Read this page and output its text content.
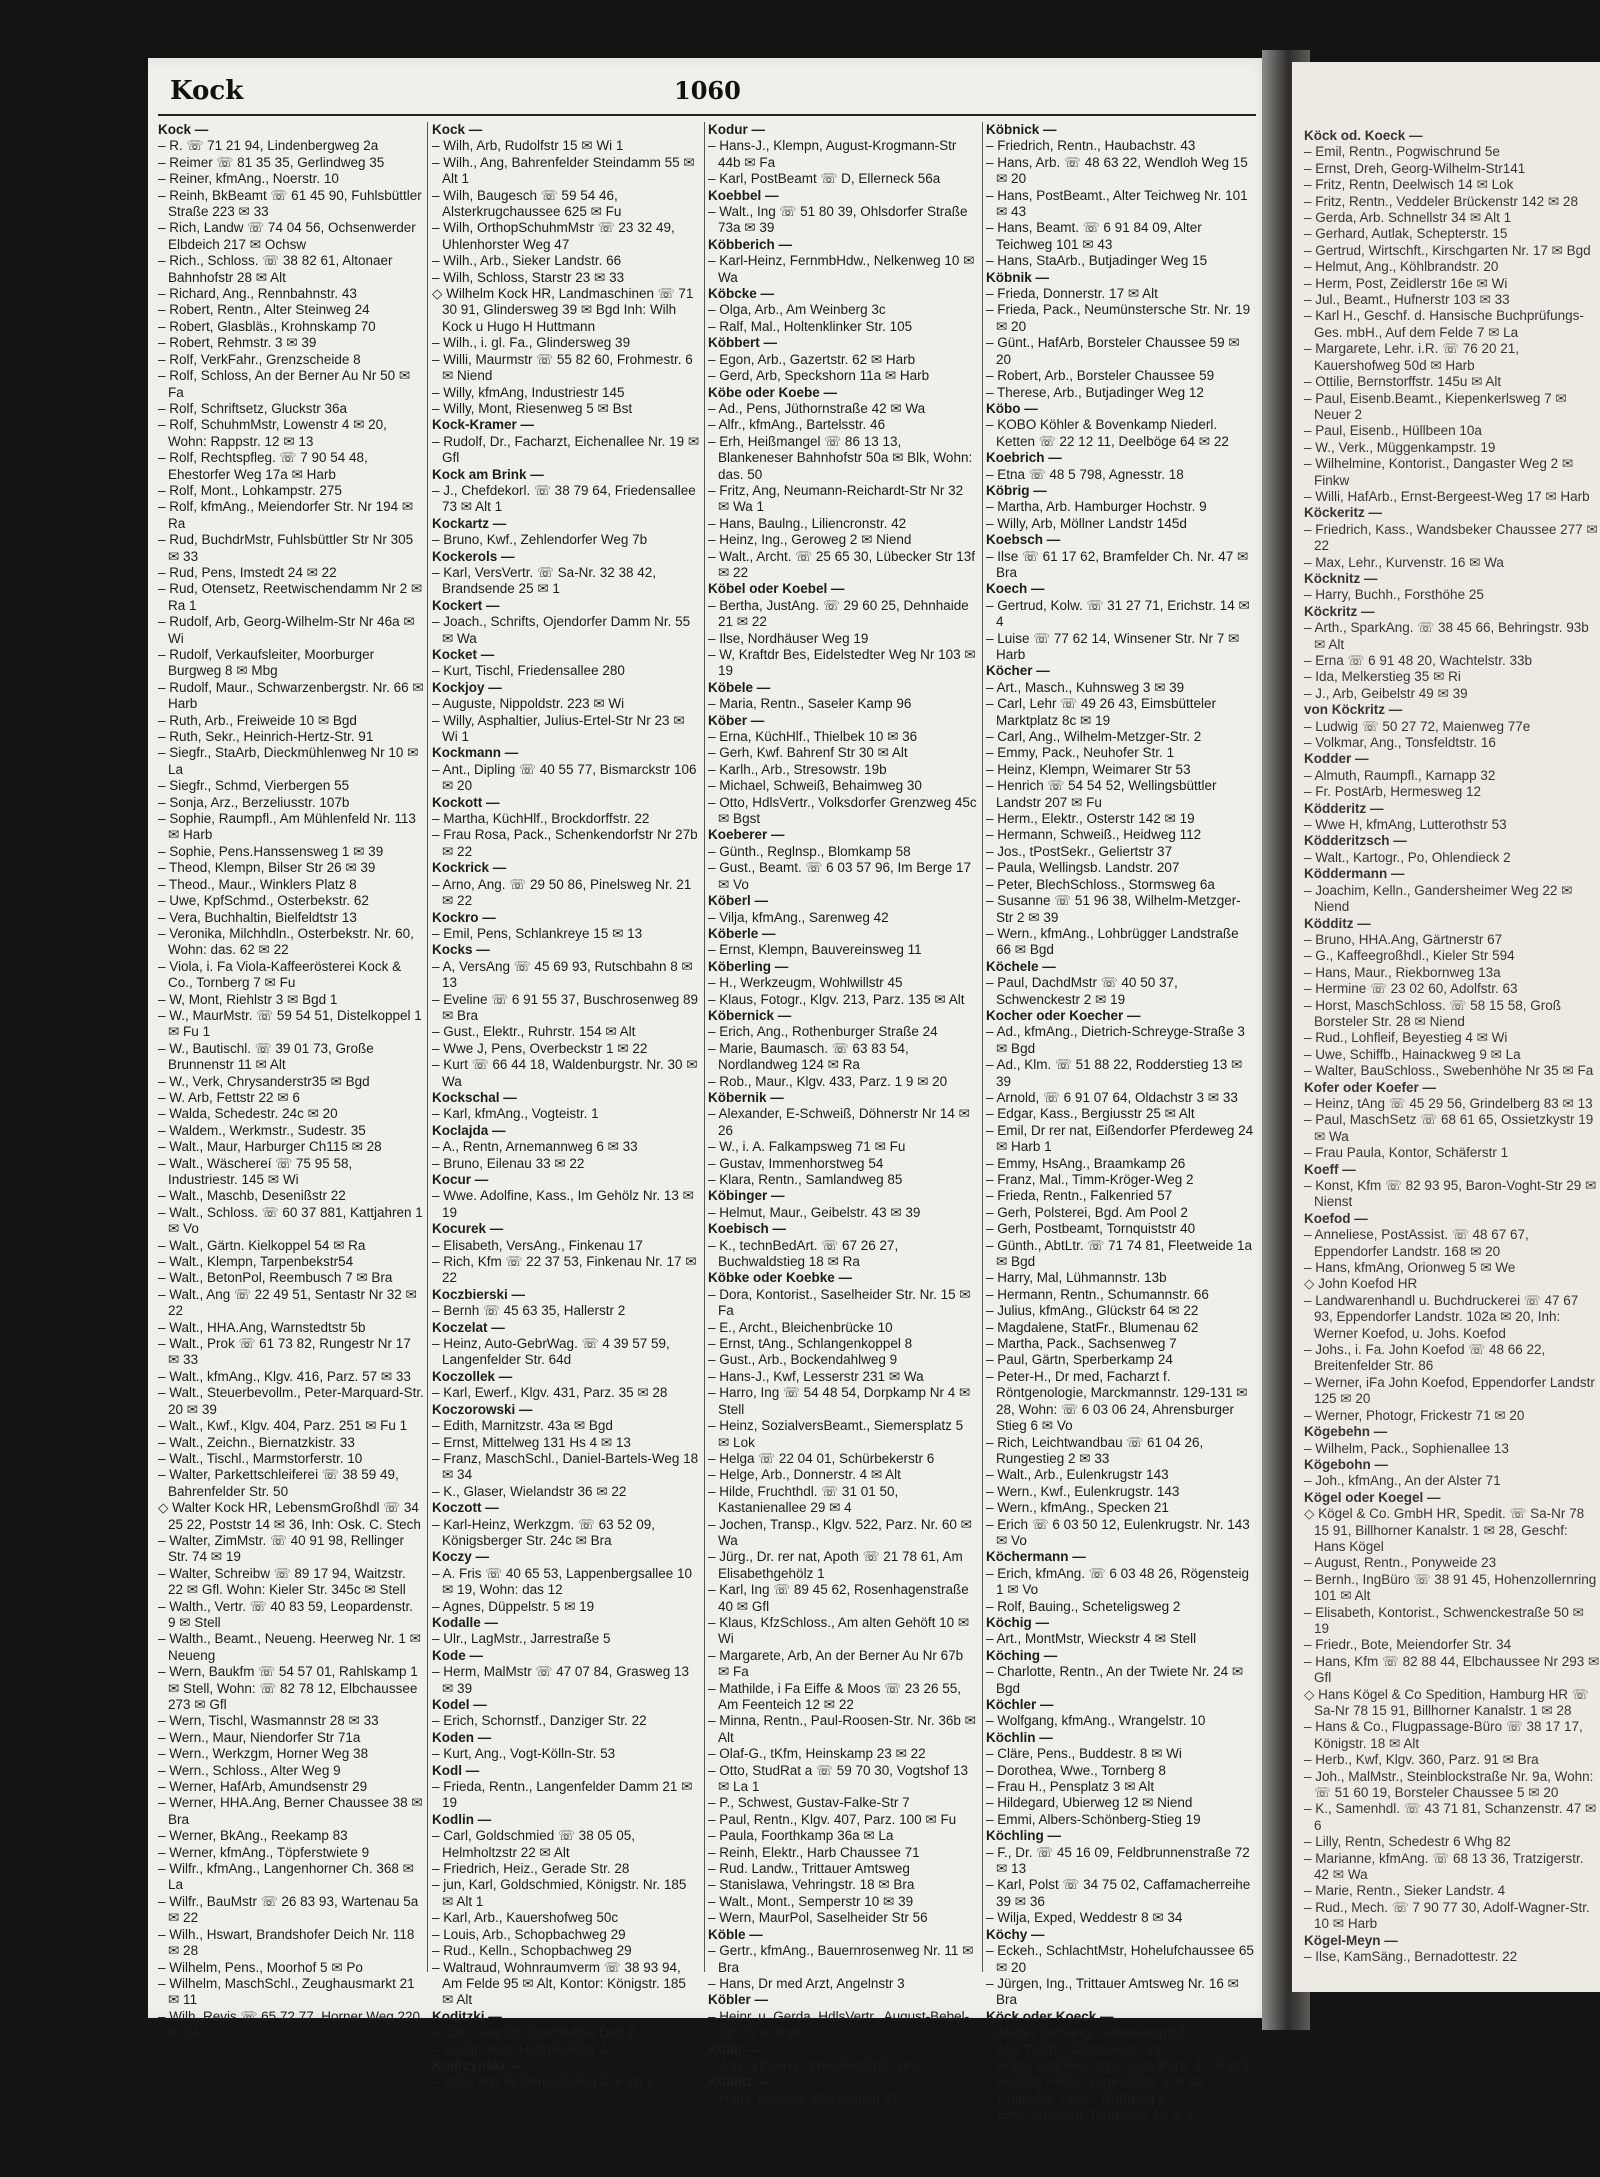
Kock	1060

Kock —

– R. ☏ 71 21 94, Lindenbergweg 2a

– Reimer ☏ 81 35 35, Gerlindweg 35

– Reiner, kfmAng., Noerstr. 10

– Reinh, BkBeamt ☏ 61 45 90, Fuhlsbüttler Straße 223 ✉ 33

– Rich, Landw ☏ 74 04 56, Ochsenwerder Elbdeich 217 ✉ Ochsw

– Rich., Schloss. ☏ 38 82 61, Altonaer Bahnhofstr 28 ✉ Alt

– Richard, Ang., Rennbahnstr. 43

– Robert, Rentn., Alter Steinweg 24

– Robert, Glasbläs., Krohnskamp 70

– Robert, Rehmstr. 3 ✉ 39

– Rolf, VerkFahr., Grenzscheide 8

– Rolf, Schloss, An der Berner Au Nr 50 ✉ Fa

– Rolf, Schriftsetz, Gluckstr 36a

– Rolf, SchuhmMstr, Lowenstr 4 ✉ 20, Wohn: Rappstr. 12 ✉ 13

– Rolf, Rechtspfleg. ☏ 7 90 54 48, Ehestorfer Weg 17a ✉ Harb

– Rolf, Mont., Lohkampstr. 275

– Rolf, kfmAng., Meiendorfer Str. Nr 194 ✉ Ra

– Rud, BuchdrMstr, Fuhlsbüttler Str Nr 305 ✉ 33

– Rud, Pens, Imstedt 24 ✉ 22

– Rud, Otensetz, Reetwischendamm Nr 2 ✉ Ra 1

– Rudolf, Arb, Georg-Wilhelm-Str Nr 46a ✉ Wi

– Rudolf, Verkaufsleiter, Moorburger Burgweg 8 ✉ Mbg

– Rudolf, Maur., Schwarzenbergstr. Nr. 66 ✉ Harb

– Ruth, Arb., Freiweide 10 ✉ Bgd

– Ruth, Sekr., Heinrich-Hertz-Str. 91

– Siegfr., StaArb, Dieckmühlenweg Nr 10 ✉ La

– Siegfr., Schmd, Vierbergen 55

– Sonja, Arz., Berzeliusstr. 107b

– Sophie, Raumpfl., Am Mühlenfeld Nr. 113 ✉ Harb

– Sophie, Pens.Hanssensweg 1 ✉ 39

– Theod, Klempn, Bilser Str 26 ✉ 39

– Theod., Maur., Winklers Platz 8

– Uwe, KpfSchmd., Osterbekstr. 62

– Vera, Buchhaltin, Bielfeldtstr 13

– Veronika, Milchhdln., Osterbekstr. Nr. 60, Wohn: das. 62 ✉ 22

– Viola, i. Fa Viola-Kaffeerösterei Kock & Co., Tornberg 7 ✉ Fu

– W, Mont, Riehlstr 3 ✉ Bgd 1

– W., MaurMstr. ☏ 59 54 51, Distelkoppel 1 ✉ Fu 1

– W., Bautischl. ☏ 39 01 73, Große Brunnenstr 11 ✉ Alt

– W., Verk, Chrysanderstr35 ✉ Bgd

– W. Arb, Fettstr 22 ✉ 6

– Walda, Schedestr. 24c ✉ 20

– Waldem., Werkmstr., Sudestr. 35

– Walt., Maur, Harburger Ch115 ✉ 28

– Walt., Wäschereí ☏ 75 95 58, Industriestr. 145 ✉ Wi

– Walt., Maschb, Desenißstr 22

– Walt., Schloss. ☏ 60 37 881, Kattjahren 1 ✉ Vo

– Walt., Gärtn. Kielkoppel 54 ✉ Ra

– Walt., Klempn, Tarpenbekstr54

– Walt., BetonPol, Reembusch 7 ✉ Bra

– Walt., Ang ☏ 22 49 51, Sentastr Nr 32 ✉ 22

– Walt., HHA.Ang, Warnstedtstr 5b

– Walt., Prok ☏ 61 73 82, Rungestr Nr 17 ✉ 33

– Walt., kfmAng., Klgv. 416, Parz. 57 ✉ 33

– Walt., Steuerbevollm., Peter-Marquard-Str. 20 ✉ 39

– Walt., Kwf., Klgv. 404, Parz. 251 ✉ Fu 1

– Walt., Zeichn., Biernatzkistr. 33

– Walt., Tischl., Marmstorferstr. 10

– Walter, Parkettschleiferei ☏ 38 59 49, Bahrenfelder Str. 50

◇ Walter Kock HR, LebensmGroßhdl ☏ 34 25 22, Poststr 14 ✉ 36, Inh: Osk. C. Stech

– Walter, ZimMstr. ☏ 40 91 98, Rellinger Str. 74 ✉ 19

– Walter, Schreibw ☏ 89 17 94, Waitzstr. 22 ✉ Gfl. Wohn: Kieler Str. 345c ✉ Stell

– Walth., Vertr. ☏ 40 83 59, Leopardenstr. 9 ✉ Stell

– Walth., Beamt., Neueng. Heerweg Nr. 1 ✉ Neueng

– Wern, Baukfm ☏ 54 57 01, Rahlskamp 1 ✉ Stell, Wohn: ☏ 82 78 12, Elbchaussee 273 ✉ Gfl

– Wern, Tischl, Wasmannstr 28 ✉ 33

– Wern., Maur, Niendorfer Str 71a

– Wern., Werkzgm, Horner Weg 38

– Wern., Schloss., Alter Weg 9

– Werner, HafArb, Amundsenstr 29

– Werner, HHA.Ang, Berner Chaussee 38 ✉ Bra

– Werner, BkAng., Reekamp 83

– Werner, kfmAng., Töpferstwiete 9

– Wilfr., kfmAng., Langenhorner Ch. 368 ✉ La

– Wilfr., BauMstr ☏ 26 83 93, Wartenau 5a ✉ 22

– Wilh., Hswart, Brandshofer Deich Nr. 118 ✉ 28

– Wilhelm, Pens., Moorhof 5 ✉ Po

– Wilhelm, MaschSchl., Zeughausmarkt 21 ✉ 11

– Wilh, Revis ☏ 65 72 77, Horner Weg 220 ✉ 34

Kock —

– Wilh, Arb, Rudolfstr 15 ✉ Wi 1

– Wilh., Ang, Bahrenfelder Steindamm 55 ✉ Alt 1

– Wilh, Baugesch ☏ 59 54 46, Alsterkrugchaussee 625 ✉ Fu

– Wilh, OrthopSchuhmMstr ☏ 23 32 49, Uhlenhorster Weg 47

– Wilh., Arb., Sieker Landstr. 66

– Wilh, Schloss, Starstr 23 ✉ 33

◇ Wilhelm Kock HR, Landmaschinen ☏ 71 30 91, Glindersweg 39 ✉ Bgd Inh: Wilh Kock u Hugo H Huttmann

– Wilh., i. gl. Fa., Glindersweg 39

– Willi, Maurmstr ☏ 55 82 60, Frohmestr. 6 ✉ Niend

– Willy, kfmAng, Industriestr 145

– Willy, Mont, Riesenweg 5 ✉ Bst

Kock-Kramer —

– Rudolf, Dr., Facharzt, Eichenallee Nr. 19 ✉ Gfl

Kock am Brink —

– J., Chefdekorl. ☏ 38 79 64, Friedensallee 73 ✉ Alt 1

Kockartz —

– Bruno, Kwf., Zehlendorfer Weg 7b

Kockerols —

– Karl, VersVertr. ☏ Sa-Nr. 32 38 42, Brandsende 25 ✉ 1

Kockert —

– Joach., Schrifts, Ojendorfer Damm Nr. 55 ✉ Wa

Kocket —

– Kurt, Tischl, Friedensallee 280

Kockjoy —

– Auguste, Nippoldstr. 223 ✉ Wi

– Willy, Asphaltier, Julius-Ertel-Str Nr 23 ✉ Wi 1

Kockmann —

– Ant., Dipling ☏ 40 55 77, Bismarckstr 106 ✉ 20

Kockott —

– Martha, KüchHlf., Brockdorffstr. 22

– Frau Rosa, Pack., Schenkendorfstr Nr 27b ✉ 22

Kockrick —

– Arno, Ang. ☏ 29 50 86, Pinelsweg Nr. 21 ✉ 22

Kockro —

– Emil, Pens, Schlankreye 15 ✉ 13

Kocks —

– A, VersAng ☏ 45 69 93, Rutschbahn 8 ✉ 13

– Eveline ☏ 6 91 55 37, Buschrosenweg 89 ✉ Bra

– Gust., Elektr., Ruhrstr. 154 ✉ Alt

– Wwe J, Pens, Overbeckstr 1 ✉ 22

– Kurt ☏ 66 44 18, Waldenburgstr. Nr. 30 ✉ Wa

Kockschal —

– Karl, kfmAng., Vogteistr. 1

Koclajda —

– A., Rentn, Arnemannweg 6 ✉ 33

– Bruno, Eilenau 33 ✉ 22

Kocur —

– Wwe. Adolfine, Kass., Im Gehölz Nr. 13 ✉ 19

Kocurek —

– Elisabeth, VersAng., Finkenau 17

– Rich, Kfm ☏ 22 37 53, Finkenau Nr. 17 ✉ 22

Koczbierski —

– Bernh ☏ 45 63 35, Hallerstr 2

Koczelat —

– Heinz, Auto-GebrWag. ☏ 4 39 57 59, Langenfelder Str. 64d

Koczollek —

– Karl, Ewerf., Klgv. 431, Parz. 35 ✉ 28

Koczorowski —

– Edith, Marnitzstr. 43a ✉ Bgd

– Ernst, Mittelweg 131 Hs 4 ✉ 13

– Franz, MaschSchl., Daniel-Bartels-Weg 18 ✉ 34

– K., Glaser, Wielandstr 36 ✉ 22

Koczott —

– Karl-Heinz, Werkzgm. ☏ 63 52 09, Königsberger Str. 24c ✉ Bra

Koczy —

– A. Fris ☏ 40 65 53, Lappenbergsallee 10 ✉ 19, Wohn: das 12

– Agnes, Düppelstr. 5 ✉ 19

Kodalle —

– Ulr., LagMstr., Jarrestraße 5

Kode —

– Herm, MalMstr ☏ 47 07 84, Grasweg 13 ✉ 39

Kodel —

– Erich, Schornstf., Danziger Str. 22

Koden —

– Kurt, Ang., Vogt-Kölln-Str. 53

Kodl —

– Frieda, Rentn., Langenfelder Damm 21 ✉ 19

Kodlin —

– Carl, Goldschmied ☏ 38 05 05, Helmholtzstr 22 ✉ Alt

– Friedrich, Heiz., Gerade Str. 28

– jun, Karl, Goldschmied, Königstr. Nr. 185 ✉ Alt 1

– Karl, Arb., Kauershofweg 50c

– Louis, Arb., Schopbachweg 29

– Rud., Kelln., Schopbachweg 29

– Waltraud, Wohnraumverm ☏ 38 93 94, Am Felde 95 ✉ Alt, Kontor: Königstr. 185 ✉ Alt

Koditzki —

– Carl, AutoStl., Bramfelder Drift 1

– Friedr., Kwf, Hoffmeyerstr 4

Kodrzynski —

– Paul, Arb, Rüdemannweg 4 ✉ Wi 1

Kodur —

– Hans-J., Klempn, August-Krogmann-Str 44b ✉ Fa

– Karl, PostBeamt ☏ D, Ellerneck 56a

Koebbel —

– Walt., Ing ☏ 51 80 39, Ohlsdorfer Straße 73a ✉ 39

Köbberich —

– Karl-Heinz, FernmbHdw., Nelkenweg 10 ✉ Wa

Köbcke —

– Olga, Arb., Am Weinberg 3c

– Ralf, Mal., Holtenklinker Str. 105

Köbbert —

– Egon, Arb., Gazertstr. 62 ✉ Harb

– Gerd, Arb, Speckshorn 11a ✉ Harb

Köbe oder Koebe —

– Ad., Pens, Jüthornstraße 42 ✉ Wa

– Alfr., kfmAng., Bartelsstr. 46

– Erh, Heißmangel ☏ 86 13 13, Blankeneser Bahnhofstr 50a ✉ Blk, Wohn: das. 50

– Fritz, Ang, Neumann-Reichardt-Str Nr 32 ✉ Wa 1

– Hans, Baulng., Liliencronstr. 42

– Heinz, Ing., Geroweg 2 ✉ Niend

– Walt., Archt. ☏ 25 65 30, Lübecker Str 13f ✉ 22

Köbel oder Koebel —

– Bertha, JustAng. ☏ 29 60 25, Dehnhaide 21 ✉ 22

– Ilse, Nordhäuser Weg 19

– W, Kraftdr Bes, Eidelstedter Weg Nr 103 ✉ 19

Köbele —

– Maria, Rentn., Saseler Kamp 96

Köber —

– Erna, KüchHlf., Thielbek 10 ✉ 36

– Gerh, Kwf. Bahrenf Str 30 ✉ Alt

– Karlh., Arb., Stresowstr. 19b

– Michael, Schweiß, Behaimweg 30

– Otto, HdlsVertr., Volksdorfer Grenzweg 45c ✉ Bgst

Koeberer —

– Günth., Reglnsp., Blomkamp 58

– Gust., Beamt. ☏ 6 03 57 96, Im Berge 17 ✉ Vo

Köberl —

– Vilja, kfmAng., Sarenweg 42

Köberle —

– Ernst, Klempn, Bauvereinsweg 11

Köberling —

– H., Werkzeugm, Wohlwillstr 45

– Klaus, Fotogr., Klgv. 213, Parz. 135 ✉ Alt

Köbernick —

– Erich, Ang., Rothenburger Straße 24

– Marie, Baumasch. ☏ 63 83 54, Nordlandweg 124 ✉ Ra

– Rob., Maur., Klgv. 433, Parz. 1 9 ✉ 20

Köbernik —

– Alexander, E-Schweiß, Döhnerstr Nr 14 ✉ 26

– W., i. A. Falkampsweg 71 ✉ Fu

– Gustav, Immenhorstweg 54

– Klara, Rentn., Samlandweg 85

Köbinger —

– Helmut, Maur., Geibelstr. 43 ✉ 39

Koebisch —

– K., technBedArt. ☏ 67 26 27, Buchwaldstieg 18 ✉ Ra

Köbke oder Koebke —

– Dora, Kontorist., Saselheider Str. Nr. 15 ✉ Fa

– E., Archt., Bleichenbrücke 10

– Ernst, tAng., Schlangenkoppel 8

– Gust., Arb., Bockendahlweg 9

– Hans-J., Kwf, Lesserstr 231 ✉ Wa

– Harro, Ing ☏ 54 48 54, Dorpkamp Nr 4 ✉ Stell

– Heinz, SozialversBeamt., Siemersplatz 5 ✉ Lok

– Helga ☏ 22 04 01, Schürbekerstr 6

– Helge, Arb., Donnerstr. 4 ✉ Alt

– Hilde, Fruchthdl. ☏ 31 01 50, Kastanienallee 29 ✉ 4

– Jochen, Transp., Klgv. 522, Parz. Nr. 60 ✉ Wa

– Jürg., Dr. rer nat, Apoth ☏ 21 78 61, Am Elisabethgehölz 1

– Karl, Ing ☏ 89 45 62, Rosenhagenstraße 40 ✉ Gfl

– Klaus, KfzSchloss., Am alten Gehöft 10 ✉ Wi

– Margarete, Arb, An der Berner Au Nr 67b ✉ Fa

– Mathilde, i Fa Eiffe & Moos ☏ 23 26 55, Am Feenteich 12 ✉ 22

– Minna, Rentn., Paul-Roosen-Str. Nr. 36b ✉ Alt

– Olaf-G., tKfm, Heinskamp 23 ✉ 22

– Otto, StudRat a ☏ 59 70 30, Vogtshof 13 ✉ La 1

– P., Schwest, Gustav-Falke-Str 7

– Paul, Rentn., Klgv. 407, Parz. 100 ✉ Fu

– Paula, Foorthkamp 36a ✉ La

– Reinh, Elektr., Harb Chaussee 71

– Rud. Landw., Trittauer Amtsweg

– Stanislawa, Vehringstr. 18 ✉ Bra

– Walt., Mont., Semperstr 10 ✉ 39

– Wern, MaurPol, Saselheider Str 56

Köble —

– Gertr., kfmAng., Bauernrosenweg Nr. 11 ✉ Bra

– Hans, Dr med Arzt, Angelnstr 3

Köbler —

– Heinr. u. Gerda, HdlsVertr., August-Bebel-Str. 37 ✉ Bgd

Köbli —

– Joh., kfmAng., Wiesendamm 160

Köblitz —

– Hans, kfmAng, Wörenstieg 42

Köbnick —

– Friedrich, Rentn., Haubachstr. 43

– Hans, Arb. ☏ 48 63 22, Wendloh Weg 15 ✉ 20

– Hans, PostBeamt., Alter Teichweg Nr. 101 ✉ 43

– Hans, Beamt. ☏ 6 91 84 09, Alter Teichweg 101 ✉ 43

– Hans, StaArb., Butjadinger Weg 15

Köbnik —

– Frieda, Donnerstr. 17 ✉ Alt

– Frieda, Pack., Neumünstersche Str. Nr. 19 ✉ 20

– Günt., HafArb, Borsteler Chaussee 59 ✉ 20

– Robert, Arb., Borsteler Chaussee 59

– Therese, Arb., Butjadinger Weg 12

Köbo —

– KOBO Köhler & Bovenkamp Niederl. Ketten ☏ 22 12 11, Deelböge 64 ✉ 22

Koebrich —

– Etna ☏ 48 5 798, Agnesstr. 18

Köbrig —

– Martha, Arb. Hamburger Hochstr. 9

– Willy, Arb, Möllner Landstr 145d

Koebsch —

– Ilse ☏ 61 17 62, Bramfelder Ch. Nr. 47 ✉ Bra

Koech —

– Gertrud, Kolw. ☏ 31 27 71, Erichstr. 14 ✉ 4

– Luise ☏ 77 62 14, Winsener Str. Nr 7 ✉ Harb

Köcher —

– Art., Masch., Kuhnsweg 3 ✉ 39

– Carl, Lehr ☏ 49 26 43, Eimsbütteler Marktplatz 8c ✉ 19

– Carl, Ang., Wilhelm-Metzger-Str. 2

– Emmy, Pack., Neuhofer Str. 1

– Heinz, Klempn, Weimarer Str 53

– Henrich ☏ 54 54 52, Wellingsbüttler Landstr 207 ✉ Fu

– Herm., Elektr., Osterstr 142 ✉ 19

– Hermann, Schweiß., Heidweg 112

– Jos., tPostSekr., Geliertstr 37

– Paula, Wellingsb. Landstr. 207

– Peter, BlechSchloss., Stormsweg 6a

– Susanne ☏ 51 96 38, Wilhelm-Metzger-Str 2 ✉ 39

– Wern., kfmAng., Lohbrügger Landstraße 66 ✉ Bgd

Köchele —

– Paul, DachdMstr ☏ 40 50 37, Schwenckestr 2 ✉ 19

Kocher oder Koecher —

– Ad., kfmAng., Dietrich-Schreyge-Straße 3 ✉ Bgd

– Ad., Klm. ☏ 51 88 22, Rodderstieg 13 ✉ 39

– Arnold, ☏ 6 91 07 64, Oldachstr 3 ✉ 33

– Edgar, Kass., Bergiusstr 25 ✉ Alt

– Emil, Dr rer nat, Eißendorfer Pferdeweg 24 ✉ Harb 1

– Emmy, HsAng., Braamkamp 26

– Franz, Mal., Timm-Kröger-Weg 2

– Frieda, Rentn., Falkenried 57

– Gerh, Polsterei, Bgd. Am Pool 2

– Gerh, Postbeamt, Tornquiststr 40

– Günth., AbtLtr. ☏ 71 74 81, Fleetweide 1a ✉ Bgd

– Harry, Mal, Lühmannstr. 13b

– Hermann, Rentn., Schumannstr. 66

– Julius, kfmAng., Glückstr 64 ✉ 22

– Magdalene, StatFr., Blumenau 62

– Martha, Pack., Sachsenweg 7

– Paul, Gärtn, Sperberkamp 24

– Peter-H., Dr med, Facharzt f. Röntgenologie, Marckmannstr. 129-131 ✉ 28, Wohn: ☏ 6 03 06 24, Ahrensburger Stieg 6 ✉ Vo

– Rich, Leichtwandbau ☏ 61 04 26, Rungestieg 2 ✉ 33

– Walt., Arb., Eulenkrugstr 143

– Wern., Kwf., Eulenkrugstr. 143

– Wern., kfmAng., Specken 21

– Erich ☏ 6 03 50 12, Eulenkrugstr. Nr. 143 ✉ Vo

Köchermann —

– Erich, kfmAng. ☏ 6 03 48 26, Rögensteig 1 ✉ Vo

– Rolf, Bauing., Scheteligsweg 2

Köchig —

– Art., MontMstr, Wieckstr 4 ✉ Stell

Köching —

– Charlotte, Rentn., An der Twiete Nr. 24 ✉ Bgd

Köchler —

– Wolfgang, kfmAng., Wrangelstr. 10

Köchlin —

– Cläre, Pens., Buddestr. 8 ✉ Wi

– Dorothea, Wwe., Tornberg 8

– Frau H., Pensplatz 3 ✉ Alt

– Hildegard, Ubierweg 12 ✉ Niend

– Emmi, Albers-Schönberg-Stieg 19

Köchling —

– F., Dr. ☏ 45 16 09, Feldbrunnenstraße 72 ✉ 13

– Karl, Polst ☏ 34 75 02, Caffamacherreihe 39 ✉ 36

– Wilja, Exped, Weddestr 8 ✉ 34

Köchy —

– Eckeh., SchlachtMstr, Hohelufchaussee 65 ✉ 20

– Jürgen, Ing., Trittauer Amtsweg Nr. 16 ✉ Bra

Köck oder Koeck —

– Aladar, BehAng, Stübekamp 63

– Alw, Tischl, Nordmeerstr 23

– Andr., Schneid., Klgv. 538, Parz. 47 ✉ Bra

– August, Pens., Vogesenstr. 2 ✉ 43

– Charlotte, Pens., Roßberg 2

– Emil, Autoschl, Taubenstr 16 ✉ 4

Köck od. Koeck —

– Emil, Rentn., Pogwischrund 5e

– Ernst, Dreh, Georg-Wilhelm-Str141

– Fritz, Rentn, Deelwisch 14 ✉ Lok

– Fritz, Rentn., Veddeler Brückenstr 142 ✉ 28

– Gerda, Arb. Schnellstr 34 ✉ Alt 1

– Gerhard, Autlak, Schepterstr. 15

– Gertrud, Wirtschft., Kirschgarten Nr. 17 ✉ Bgd

– Helmut, Ang., Köhlbrandstr. 20

– Herm, Post, Zeidlerstr 16e ✉ Wi

– Jul., Beamt., Hufnerstr 103 ✉ 33

– Karl H., Geschf. d. Hansische Buchprüfungs-Ges. mbH., Auf dem Felde 7 ✉ La

– Margarete, Lehr. i.R. ☏ 76 20 21, Kauershofweg 50d ✉ Harb

– Ottilie, Bernstorffstr. 145u ✉ Alt

– Paul, Eisenb.Beamt., Kiepenkerlsweg 7 ✉ Neuer 2

– Paul, Eisenb., Hüllbeen 10a

– W., Verk., Müggenkampstr. 19

– Wilhelmine, Kontorist., Dangaster Weg 2 ✉ Finkw

– Willi, HafArb., Ernst-Bergeest-Weg 17 ✉ Harb

Köckeritz —

– Friedrich, Kass., Wandsbeker Chaussee 277 ✉ 22

– Max, Lehr., Kurvenstr. 16 ✉ Wa

Köcknitz —

– Harry, Buchh., Forsthöhe 25

Köckritz —

– Arth., SparkAng. ☏ 38 45 66, Behringstr. 93b ✉ Alt

– Erna ☏ 6 91 48 20, Wachtelstr. 33b

– Ida, Melkerstieg 35 ✉ Ri

– J., Arb, Geibelstr 49 ✉ 39

von Köckritz —

– Ludwig ☏ 50 27 72, Maienweg 77e

– Volkmar, Ang., Tonsfeldtstr. 16

Kodder —

– Almuth, Raumpfl., Karnapp 32

– Fr. PostArb, Hermesweg 12

Ködderitz —

– Wwe H, kfmAng, Lutterothstr 53

Ködderitzsch —

– Walt., Kartogr., Po, Ohlendieck 2

Köddermann —

– Joachim, Kelln., Gandersheimer Weg 22 ✉ Niend

Ködditz —

– Bruno, HHA.Ang, Gärtnerstr 67

– G., Kaffeegroßhdl., Kieler Str 594

– Hans, Maur., Riekbornweg 13a

– Hermine ☏ 23 02 60, Adolfstr. 63

– Horst, MaschSchloss. ☏ 58 15 58, Groß Borsteler Str. 28 ✉ Niend

– Rud., Lohfleif, Beyestieg 4 ✉ Wi

– Uwe, Schiffb., Hainackweg 9 ✉ La

– Walter, BauSchloss., Swebenhöhe Nr 35 ✉ Fa

Kofer oder Koefer —

– Heinz, tAng ☏ 45 29 56, Grindelberg 83 ✉ 13

– Paul, MaschSetz ☏ 68 61 65, Ossietzkystr 19 ✉ Wa

– Frau Paula, Kontor, Schäferstr 1

Koeff —

– Konst, Kfm ☏ 82 93 95, Baron-Voght-Str 29 ✉ Nienst

Koefod —

– Anneliese, PostAssist. ☏ 48 67 67, Eppendorfer Landstr. 168 ✉ 20

– Hans, kfmAng, Orionweg 5 ✉ We

◇ John Koefod HR

– Landwarenhandl u. Buchdruckerei ☏ 47 67 93, Eppendorfer Landstr. 102a ✉ 20, Inh: Werner Koefod, u. Johs. Koefod

– Johs., i. Fa. John Koefod ☏ 48 66 22, Breitenfelder Str. 86

– Werner, iFa John Koefod, Eppendorfer Landstr 125 ✉ 20

– Werner, Photogr, Frickestr 71 ✉ 20

Kögebehn —

– Wilhelm, Pack., Sophienallee 13

Kögebohn —

– Joh., kfmAng., An der Alster 71

Kögel oder Koegel —

◇ Kögel & Co. GmbH HR, Spedit. ☏ Sa-Nr 78 15 91, Billhorner Kanalstr. 1 ✉ 28, Geschf: Hans Kögel

– August, Rentn., Ponyweide 23

– Bernh., IngBüro ☏ 38 91 45, Hohenzollernring 101 ✉ Alt

– Elisabeth, Kontorist., Schwenckestraße 50 ✉ 19

– Friedr., Bote, Meiendorfer Str. 34

– Hans, Kfm ☏ 82 88 44, Elbchaussee Nr 293 ✉ Gfl

◇ Hans Kögel & Co Spedition, Hamburg HR ☏ Sa-Nr 78 15 91, Billhorner Kanalstr. 1 ✉ 28

– Hans & Co., Flugpassage-Büro ☏ 38 17 17, Königstr. 18 ✉ Alt

– Herb., Kwf, Klgv. 360, Parz. 91 ✉ Bra

– Joh., MalMstr., Steinblockstraße Nr. 9a, Wohn: ☏ 51 60 19, Borsteler Chaussee 5 ✉ 20

– K., Samenhdl. ☏ 43 71 81, Schanzenstr. 47 ✉ 6

– Lilly, Rentn, Schedestr 6 Whg 82

– Marianne, kfmAng. ☏ 68 13 36, Tratzigerstr. 42 ✉ Wa

– Marie, Rentn., Sieker Landstr. 4

– Rud., Mech. ☏ 7 90 77 30, Adolf-Wagner-Str. 10 ✉ Harb

Kögel-Meyn —

– Ilse, KamSäng., Bernadottestr. 22
